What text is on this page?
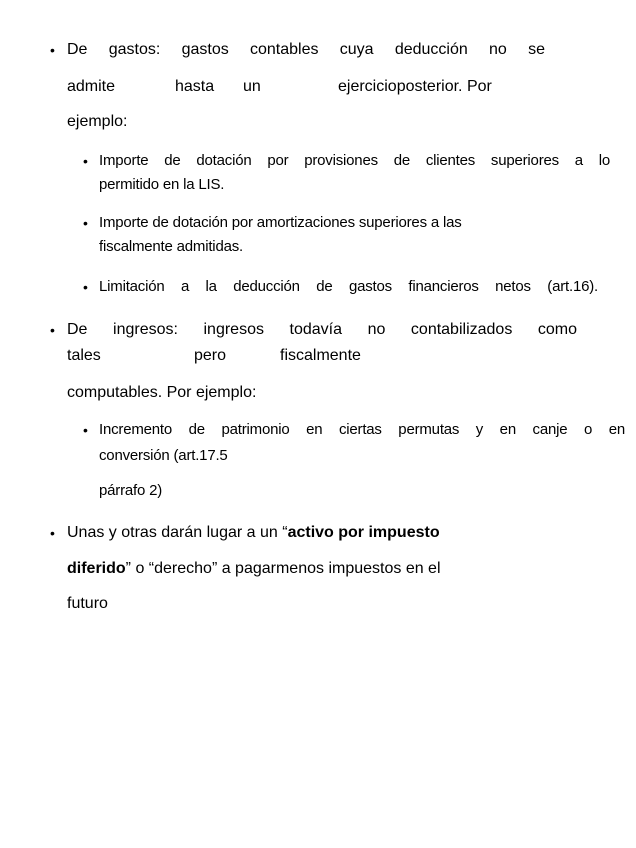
• De gastos: gastos contables cuya deducción no se
admite	hasta un	ejercicioposterior. Por
ejemplo:
• Importe de dotación por provisiones de clientes superiores a lo
permitido en la LIS.
• Importe de dotación por amortizaciones superiores a las
fiscalmente admitidas.
• Limitación a la deducción de gastos financieros netos (art.16).
• De ingresos: ingresos todavía no contabilizados como
tales	pero	fiscalmente
computables. Por ejemplo:
• Incremento de patrimonio en ciertas permutas y en canje o en
conversión (art.17.5
párrafo 2)
• Unas y otras darán lugar a un “activo por impuesto
diferido” o “derecho” a pagarmenos impuestos en el
futuro
